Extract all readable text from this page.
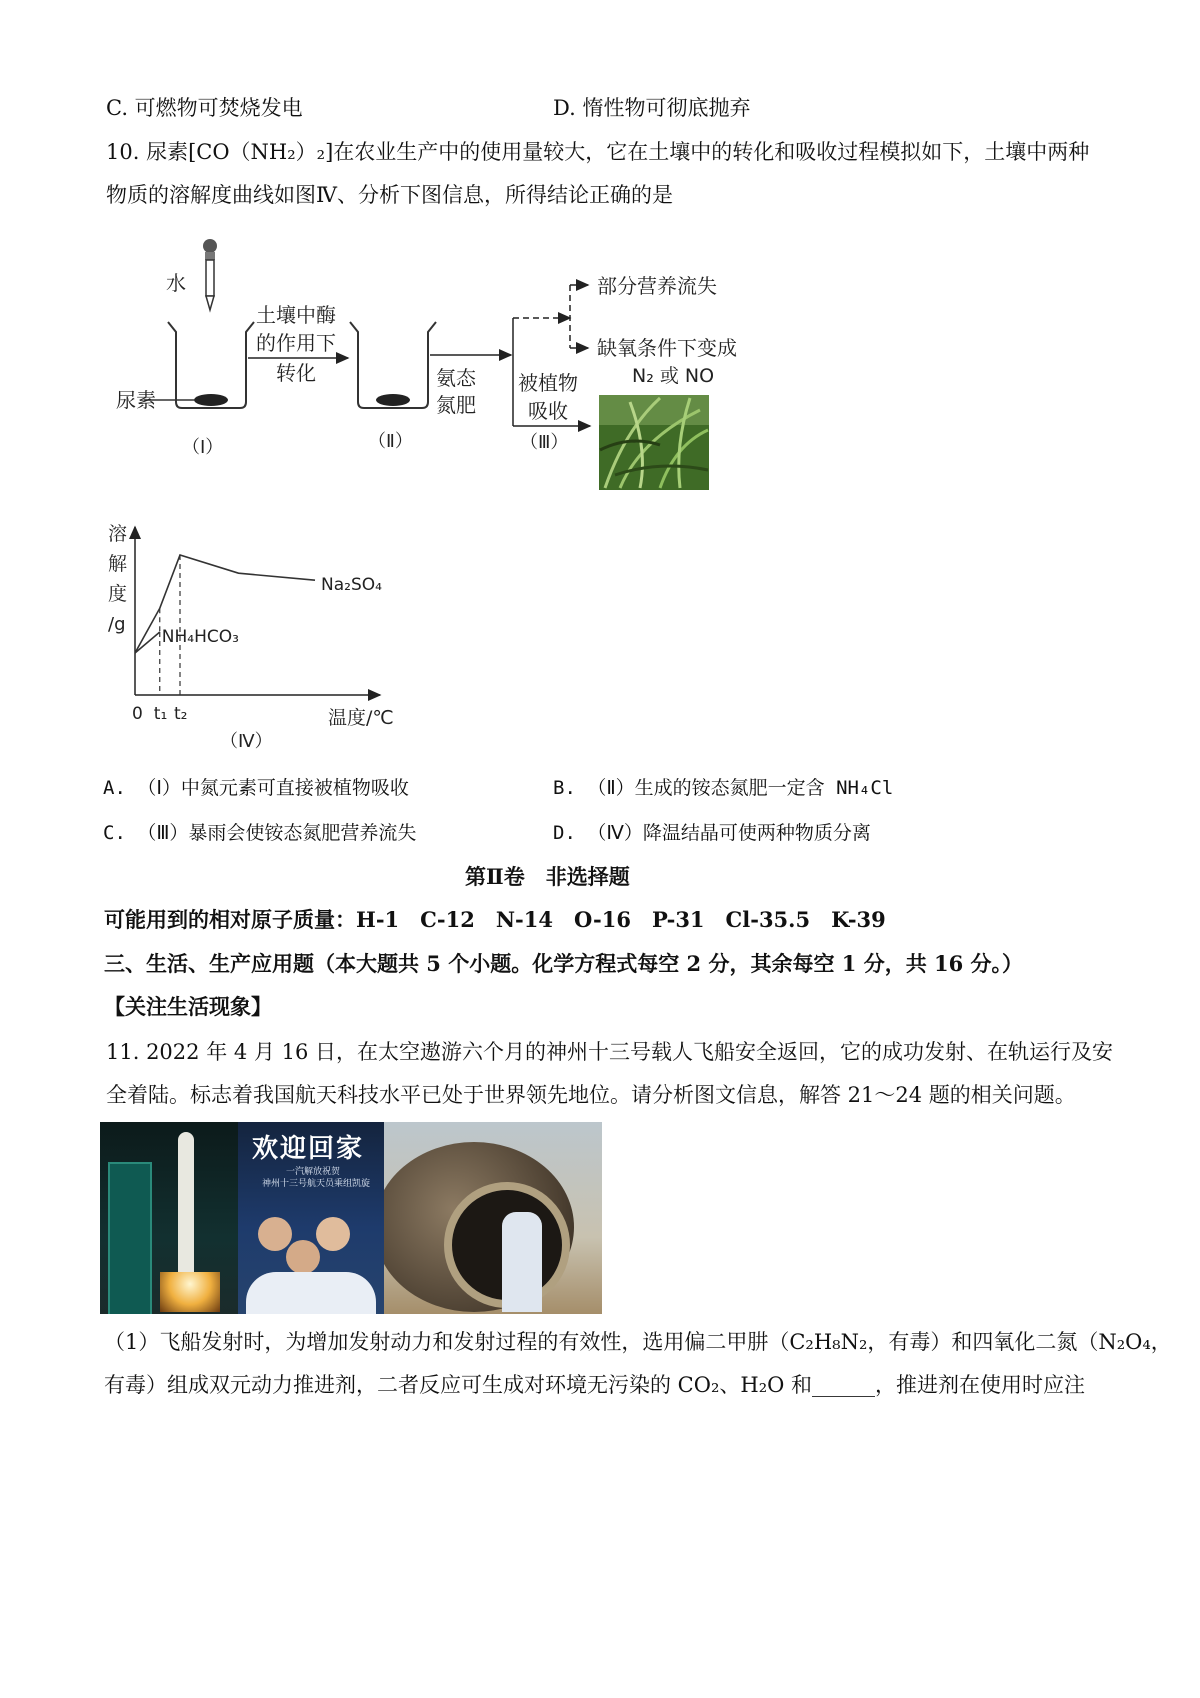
C. 可燃物可焚烧发电	D. 惰性物可彻底抛弃
10. 尿素[CO（NH₂）₂]在农业生产中的使用量较大，它在土壤中的转化和吸收过程模拟如下，土壤中两种
物质的溶解度曲线如图Ⅳ、分析下图信息，所得结论正确的是
水
尿素
（Ⅰ）
土壤中酶
的作用下
转化
（Ⅱ）
氨态
氮肥
部分营养流失
缺氧条件下变成
N₂ 或 NO
被植物
吸收
（Ⅲ）
溶
解
度
/g
0	温度/℃
（Ⅳ）
Na₂SO₄
NH₄HCO₃
t₁ t₂
A. （Ⅰ）中氮元素可直接被植物吸收	B. （Ⅱ）生成的铵态氮肥一定含 NH₄Cl
C. （Ⅲ）暴雨会使铵态氮肥营养流失	D. （Ⅳ）降温结晶可使两种物质分离
第Ⅱ卷　非选择题
可能用到的相对原子质量：H-1　C-12　N-14　O-16　P-31　Cl-35.5　K-39
三、生活、生产应用题（本大题共 5 个小题。化学方程式每空 2 分，其余每空 1 分，共 16 分。）
【关注生活现象】
11. 2022 年 4 月 16 日，在太空遨游六个月的神州十三号载人飞船安全返回，它的成功发射、在轨运行及安
全着陆。标志着我国航天科技水平已处于世界领先地位。请分析图文信息，解答 21～24 题的相关问题。
欢迎回家
一汽解放祝贺
神州十三号航天员乘组凯旋
（1）飞船发射时，为增加发射动力和发射过程的有效性，选用偏二甲肼（C₂H₈N₂，有毒）和四氧化二氮（N₂O₄，
有毒）组成双元动力推进剂，二者反应可生成对环境无污染的 CO₂、H₂O 和______，推进剂在使用时应注
